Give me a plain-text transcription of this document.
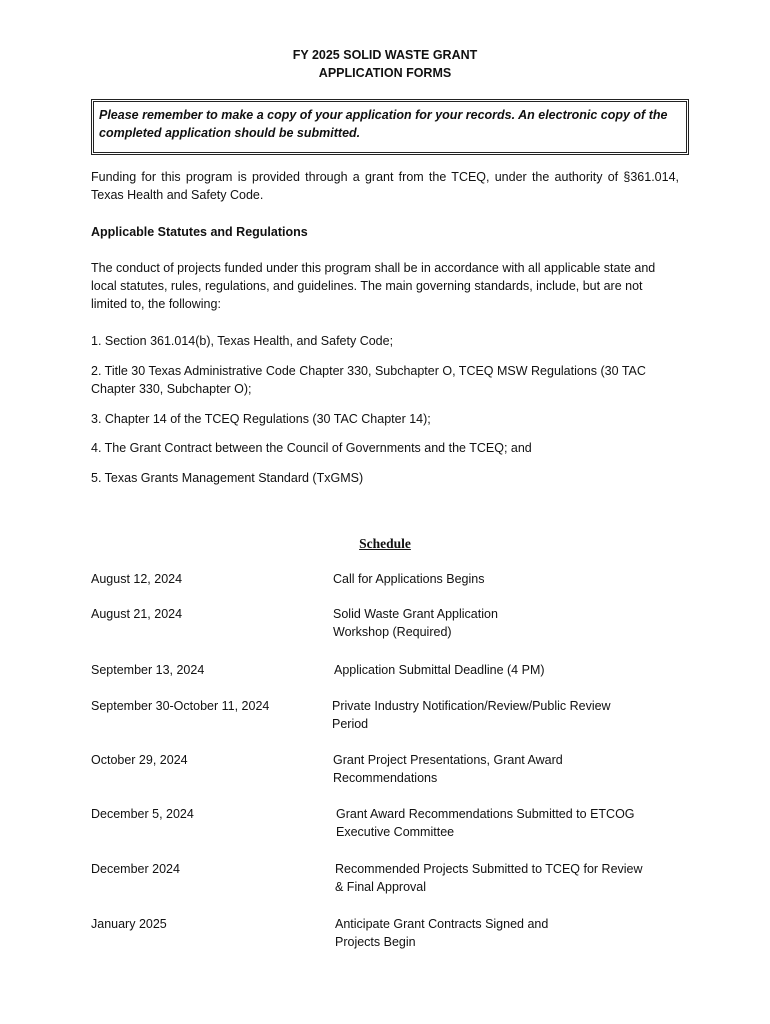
FY 2025 SOLID WASTE GRANT
APPLICATION FORMS
Please remember to make a copy of your application for your records. An electronic copy of the completed application should be submitted.
Funding for this program is provided through a grant from the TCEQ, under the authority of §361.014, Texas Health and Safety Code.
Applicable Statutes and Regulations
The conduct of projects funded under this program shall be in accordance with all applicable state and local statutes, rules, regulations, and guidelines. The main governing standards, include, but are not limited to, the following:
1. Section 361.014(b), Texas Health, and Safety Code;
2. Title 30 Texas Administrative Code Chapter 330, Subchapter O, TCEQ MSW Regulations (30 TAC Chapter 330, Subchapter O);
3. Chapter 14 of the TCEQ Regulations (30 TAC Chapter 14);
4. The Grant Contract between the Council of Governments and the TCEQ; and
5. Texas Grants Management Standard (TxGMS)
Schedule
August 12, 2024	Call for Applications Begins
August 21, 2024	Solid Waste Grant Application
Workshop (Required)
September 13, 2024	Application Submittal Deadline (4 PM)
September 30-October 11, 2024	Private Industry Notification/Review/Public Review
Period
October 29, 2024	Grant Project Presentations, Grant Award
Recommendations
December 5, 2024	Grant Award Recommendations Submitted to ETCOG
Executive Committee
December 2024	Recommended Projects Submitted to TCEQ for Review
& Final Approval
January 2025	Anticipate Grant Contracts Signed and
Projects Begin
